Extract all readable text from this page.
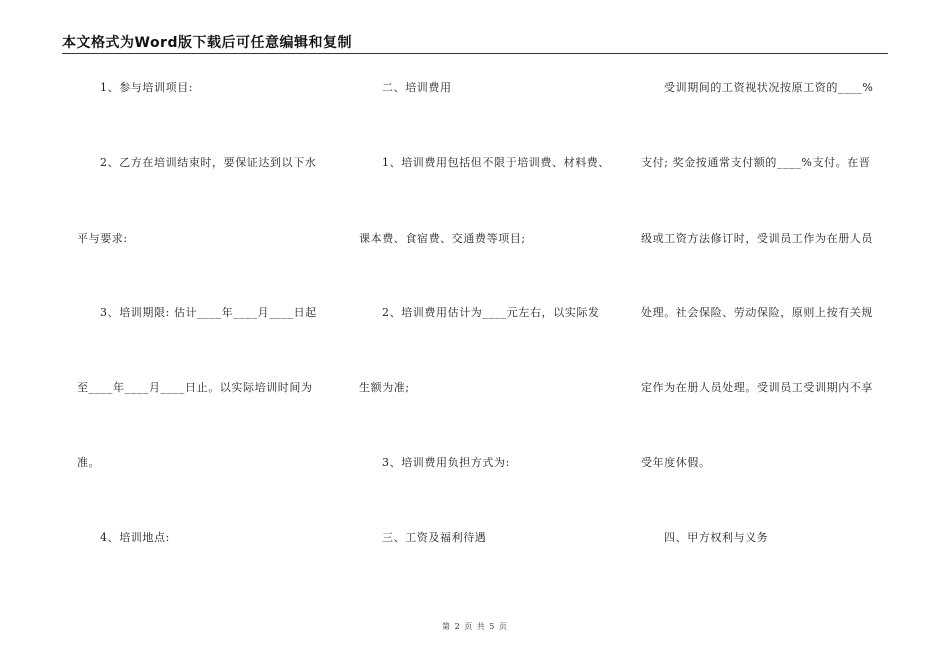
本文格式为Word版下载后可任意编辑和复制
1、参与培训项目:
2、乙方在培训结束时，要保证达到以下水
平与要求:
3、培训期限: 估计____年____月____日起
至____年____月____日止。以实际培训时间为
准。
4、培训地点:
二、培训费用
1、培训费用包括但不限于培训费、材料费、
课本费、食宿费、交通费等项目;
2、培训费用估计为____元左右，以实际发
生额为准;
3、培训费用负担方式为:
三、工资及福利待遇
受训期间的工资视状况按原工资的____%
支付; 奖金按通常支付额的____%支付。在晋
级或工资方法修订时，受训员工作为在册人员
处理。社会保险、劳动保险，原则上按有关规
定作为在册人员处理。受训员工受训期内不享
受年度休假。
四、甲方权利与义务
第 2 页 共 5 页
